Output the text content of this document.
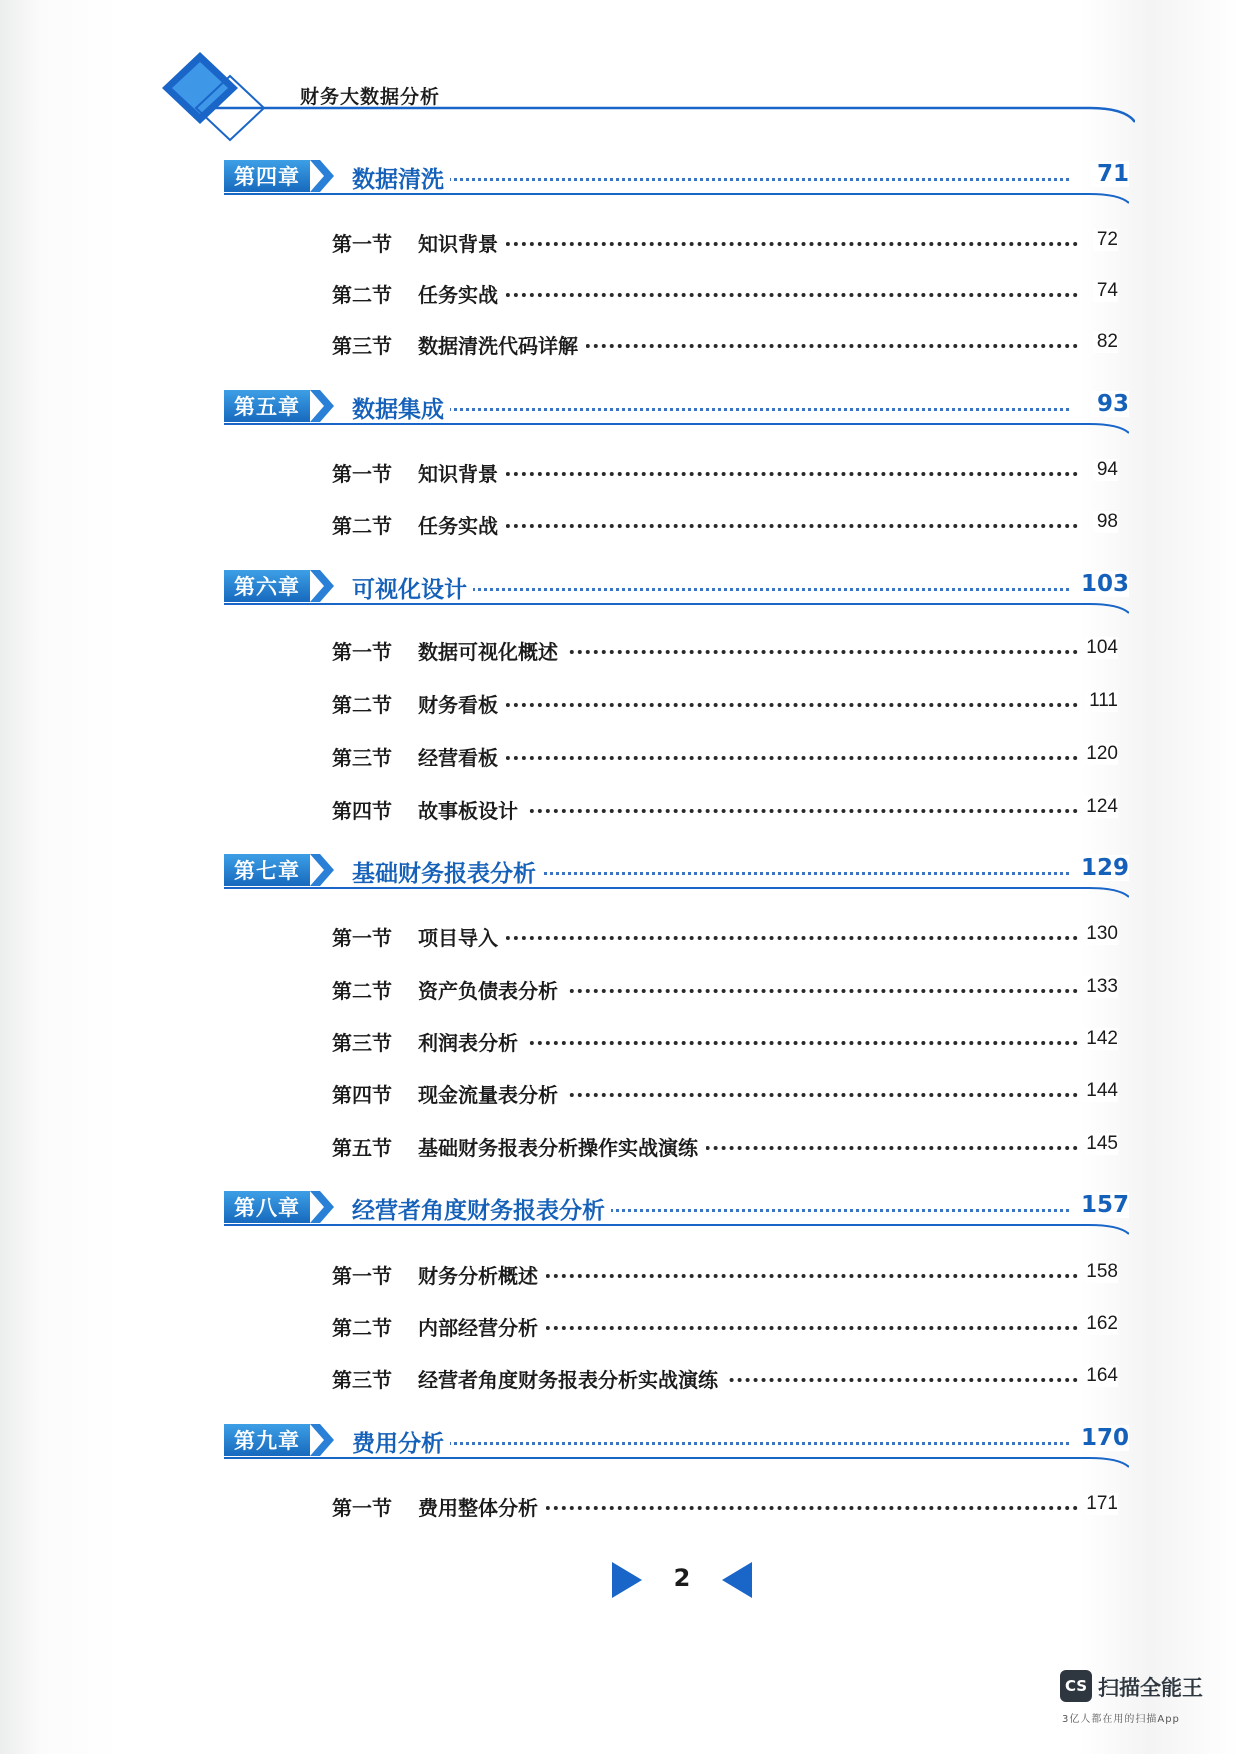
财务大数据分析
第四章	数据清洗	71
第一节 知识背景	72
第二节 任务实战	74
第三节 数据清洗代码详解	82
第五章	数据集成	93
第一节 知识背景	94
第二节 任务实战	98
第六章	可视化设计	103
第一节 数据可视化概述	104
第二节 财务看板	111
第三节 经营看板	120
第四节 故事板设计	124
第七章	基础财务报表分析	129
第一节 项目导入	130
第二节 资产负债表分析	133
第三节 利润表分析	142
第四节 现金流量表分析	144
第五节 基础财务报表分析操作实战演练	145
第八章	经营者角度财务报表分析	157
第一节 财务分析概述	158
第二节 内部经营分析	162
第三节 经营者角度财务报表分析实战演练	164
第九章	费用分析	170
第一节 费用整体分析	171
2
CS 扫描全能王
3亿人都在用的扫描App
